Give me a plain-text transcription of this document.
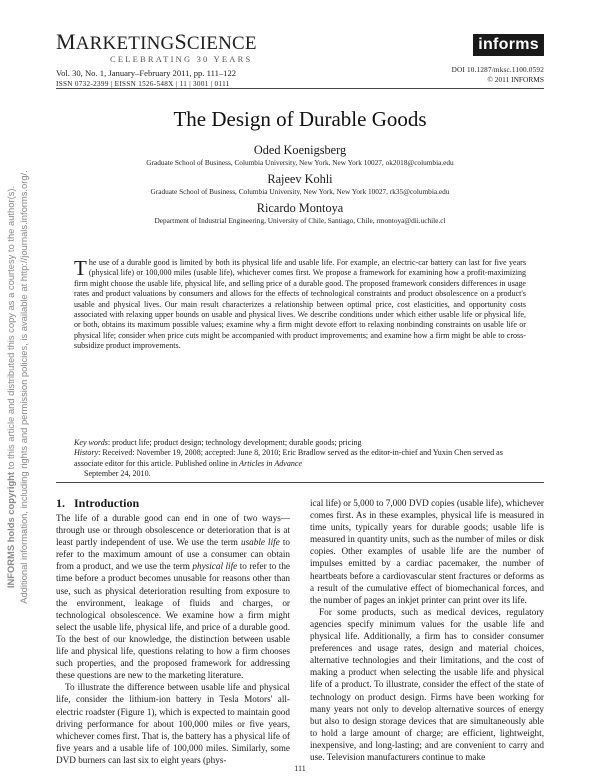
INFORMS holds copyright to this article and distributed this copy as a courtesy to the author(s). Additional information, including rights and permission policies, is available at http://journals.informs.org/.
MARKETINGSCIENCE
CELEBRATING 30 YEARS
Vol. 30, No. 1, January–February 2011, pp. 111–122
ISSN 0732-2399 | EISSN 1526-548X | 11 | 3001 | 0111
informs
DOI 10.1287/mksc.1100.0592
© 2011 INFORMS
The Design of Durable Goods
Oded Koenigsberg
Graduate School of Business, Columbia University, New York, New York 10027, ok2018@columbia.edu
Rajeev Kohli
Graduate School of Business, Columbia University, New York, New York 10027, rk35@columbia.edu
Ricardo Montoya
Department of Industrial Engineering, University of Chile, Santiago, Chile, rmontoya@dii.uchile.cl
The use of a durable good is limited by both its physical life and usable life. For example, an electric-car battery can last for five years (physical life) or 100,000 miles (usable life), whichever comes first. We propose a framework for examining how a profit-maximizing firm might choose the usable life, physical life, and selling price of a durable good. The proposed framework considers differences in usage rates and product valuations by consumers and allows for the effects of technological constraints and product obsolescence on a product's usable and physical lives. Our main result characterizes a relationship between optimal price, cost elasticities, and opportunity costs associated with relaxing upper bounds on usable and physical lives. We describe conditions under which either usable life or physical life, or both, obtains its maximum possible values; examine why a firm might devote effort to relaxing nonbinding constraints on usable life or physical life; consider when price cuts might be accompanied with product improvements; and examine how a firm might be able to cross-subsidize product improvements.
Key words: product life; product design; technology development; durable goods; pricing
History: Received: November 19, 2008; accepted: June 8, 2010; Eric Bradlow served as the editor-in-chief and Yuxin Chen served as associate editor for this article. Published online in Articles in Advance
September 24, 2010.
1. Introduction

The life of a durable good can end in one of two ways—through use or through obsolescence or deterioration that is at least partly independent of use. We use the term usable life to refer to the maximum amount of use a consumer can obtain from a product, and we use the term physical life to refer to the time before a product becomes unusable for reasons other than use, such as physical deterioration resulting from exposure to the environment, leakage of fluids and charges, or technological obsolescence. We examine how a firm might select the usable life, physical life, and price of a durable good. To the best of our knowledge, the distinction between usable life and physical life, questions relating to how a firm chooses such properties, and the proposed framework for addressing these questions are new to the marketing literature.

To illustrate the difference between usable life and physical life, consider the lithium-ion battery in Tesla Motors' all-electric roadster (Figure 1), which is expected to maintain good driving performance for about 100,000 miles or five years, whichever comes first. That is, the battery has a physical life of five years and a usable life of 100,000 miles. Similarly, some DVD burners can last six to eight years (phys-

ical life) or 5,000 to 7,000 DVD copies (usable life), whichever comes first. As in these examples, physical life is measured in time units, typically years for durable goods; usable life is measured in quantity units, such as the number of miles or disk copies. Other examples of usable life are the number of impulses emitted by a cardiac pacemaker, the number of heartbeats before a cardiovascular stent fractures or deforms as a result of the cumulative effect of biomechanical forces, and the number of pages an inkjet printer can print over its life.

For some products, such as medical devices, regulatory agencies specify minimum values for the usable life and physical life. Additionally, a firm has to consider consumer preferences and usage rates, design and material choices, alternative technologies and their limitations, and the cost of making a product when selecting the usable life and physical life of a product. To illustrate, consider the effect of the state of technology on product design. Firms have been working for many years not only to develop alternative sources of energy but also to design storage devices that are simultaneously able to hold a large amount of charge; are efficient, lightweight, inexpensive, and long-lasting; and are convenient to carry and use. Television manufacturers continue to make

111
